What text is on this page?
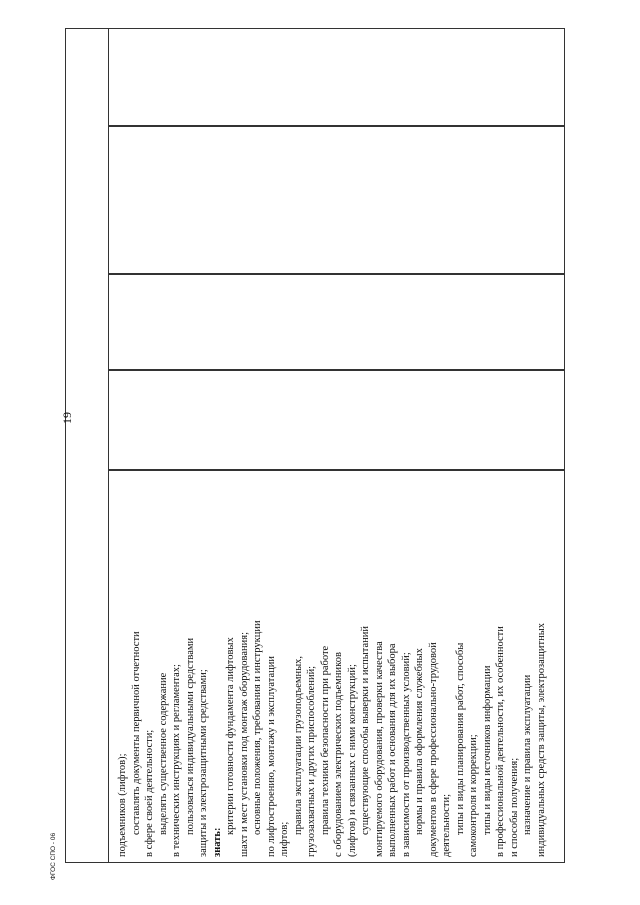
19
подъемников (лифтов); составлять документы первичной отчетности в сфере своей деятельности; выделять существенное содержание в технических инструкциях и регламентах; пользоваться индивидуальными средствами защиты и электрозащитными средствами; знать:
критерии готовности фундамента лифтовых шахт и мест установки под монтаж оборудования; основные положения, требования и инструкции по лифтостроению, монтажу и эксплуатации лифтов;
правила эксплуатации грузоподъемных, грузозахватных и других приспособлений; правила техники безопасности при работе с оборудованием электрических подъемников (лифтов) и связанных с ними конструкций; существующие способы выверки и испытаний монтируемого оборудования, проверки качества выполненных работ и основания для их выбора в зависимости от производственных условий; нормы и правила оформления служебных документов в сфере профессионально-трудовой деятельности; типы и виды планирования работ, способы самоконтроля и коррекции; типы и виды источников информации в профессиональной деятельности, их особенности и способы получения; назначение и правила эксплуатации индивидуальных средств защиты, электрозащитных
ФГОС СПО - 06
